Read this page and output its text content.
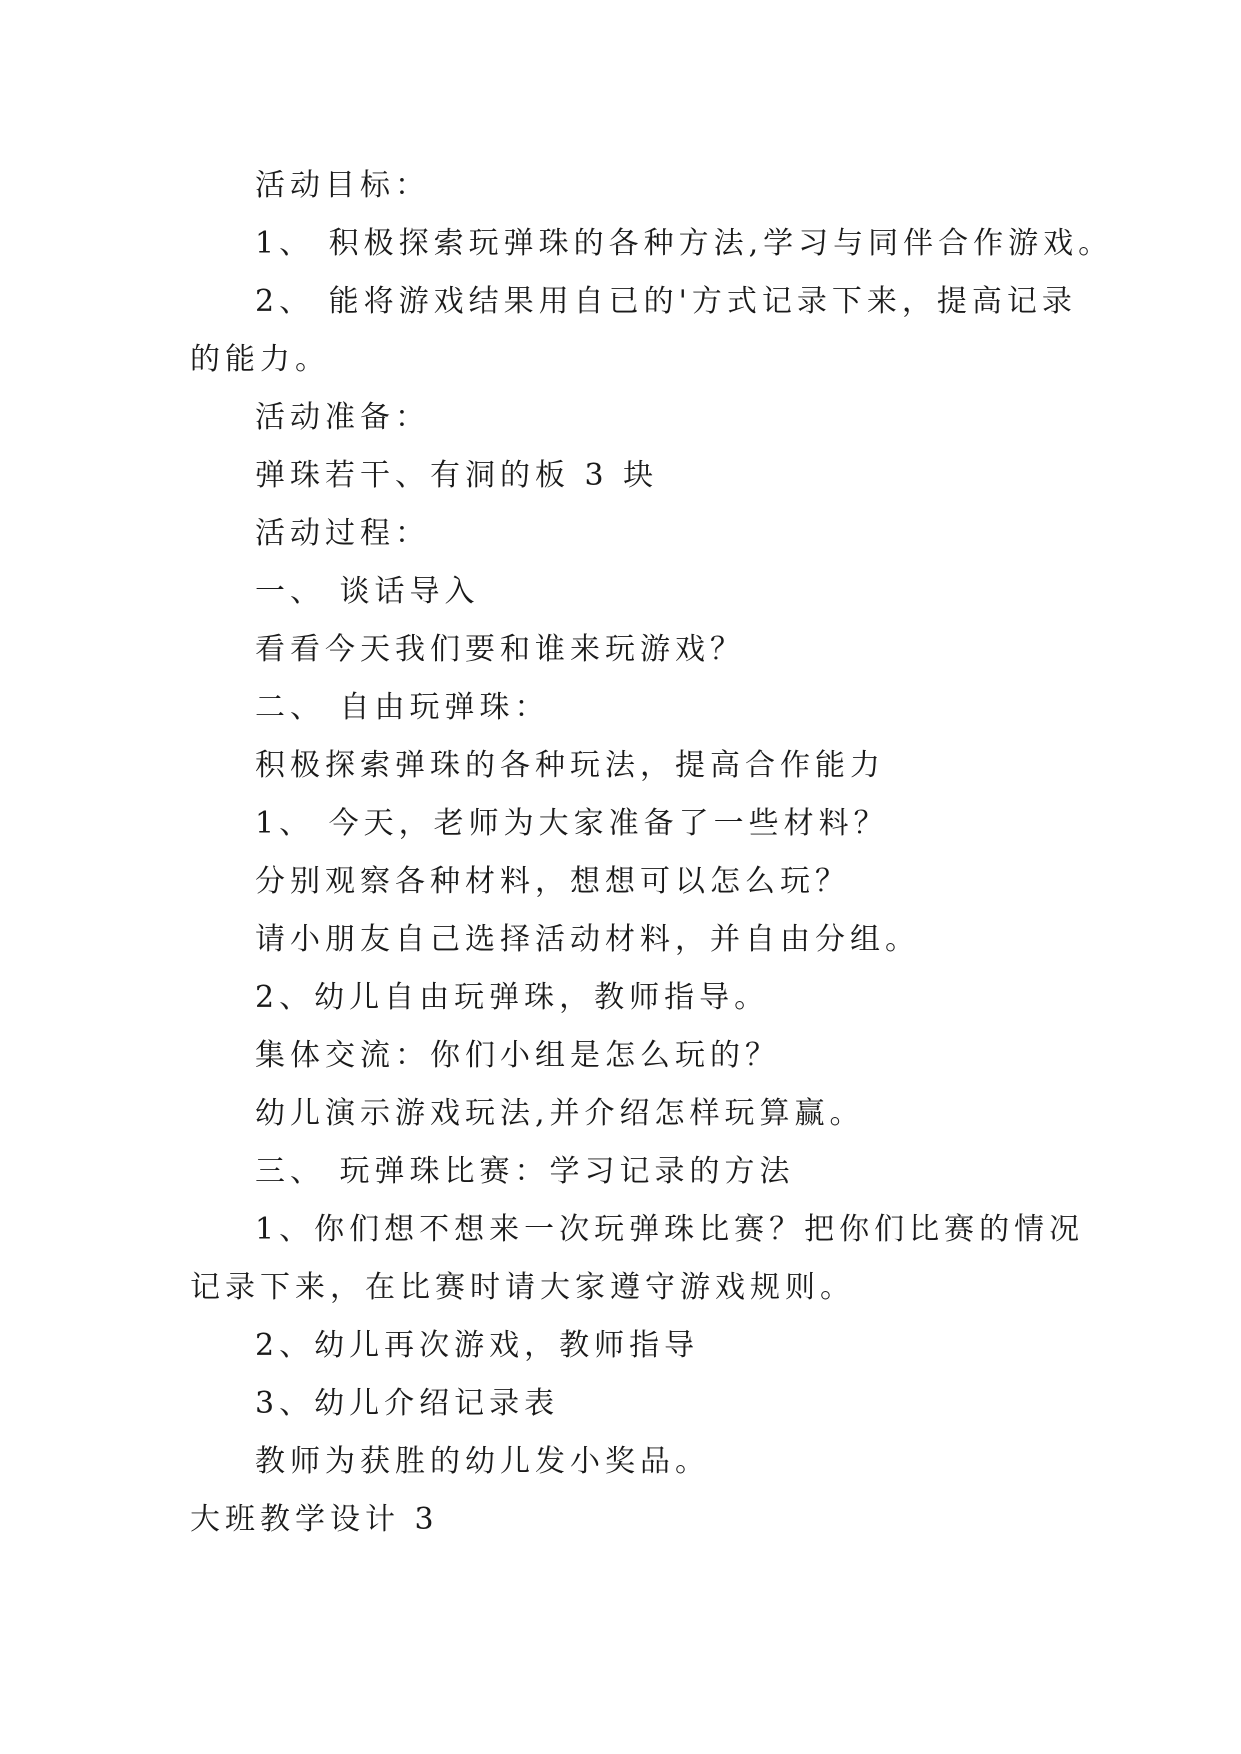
活动目标：
1、 积极探索玩弹珠的各种方法,学习与同伴合作游戏。
2、 能将游戏结果用自已的'方式记录下来，提高记录
的能力。
活动准备：
弹珠若干、有洞的板 3 块
活动过程：
一、 谈话导入
看看今天我们要和谁来玩游戏？
二、 自由玩弹珠：
积极探索弹珠的各种玩法，提高合作能力
1、 今天，老师为大家准备了一些材料？
分别观察各种材料，想想可以怎么玩？
请小朋友自己选择活动材料，并自由分组。
2、幼儿自由玩弹珠，教师指导。
集体交流：你们小组是怎么玩的？
幼儿演示游戏玩法,并介绍怎样玩算赢。
三、 玩弹珠比赛：学习记录的方法
1、你们想不想来一次玩弹珠比赛？把你们比赛的情况
记录下来，在比赛时请大家遵守游戏规则。
2、幼儿再次游戏，教师指导
3、幼儿介绍记录表
教师为获胜的幼儿发小奖品。
大班教学设计 3
